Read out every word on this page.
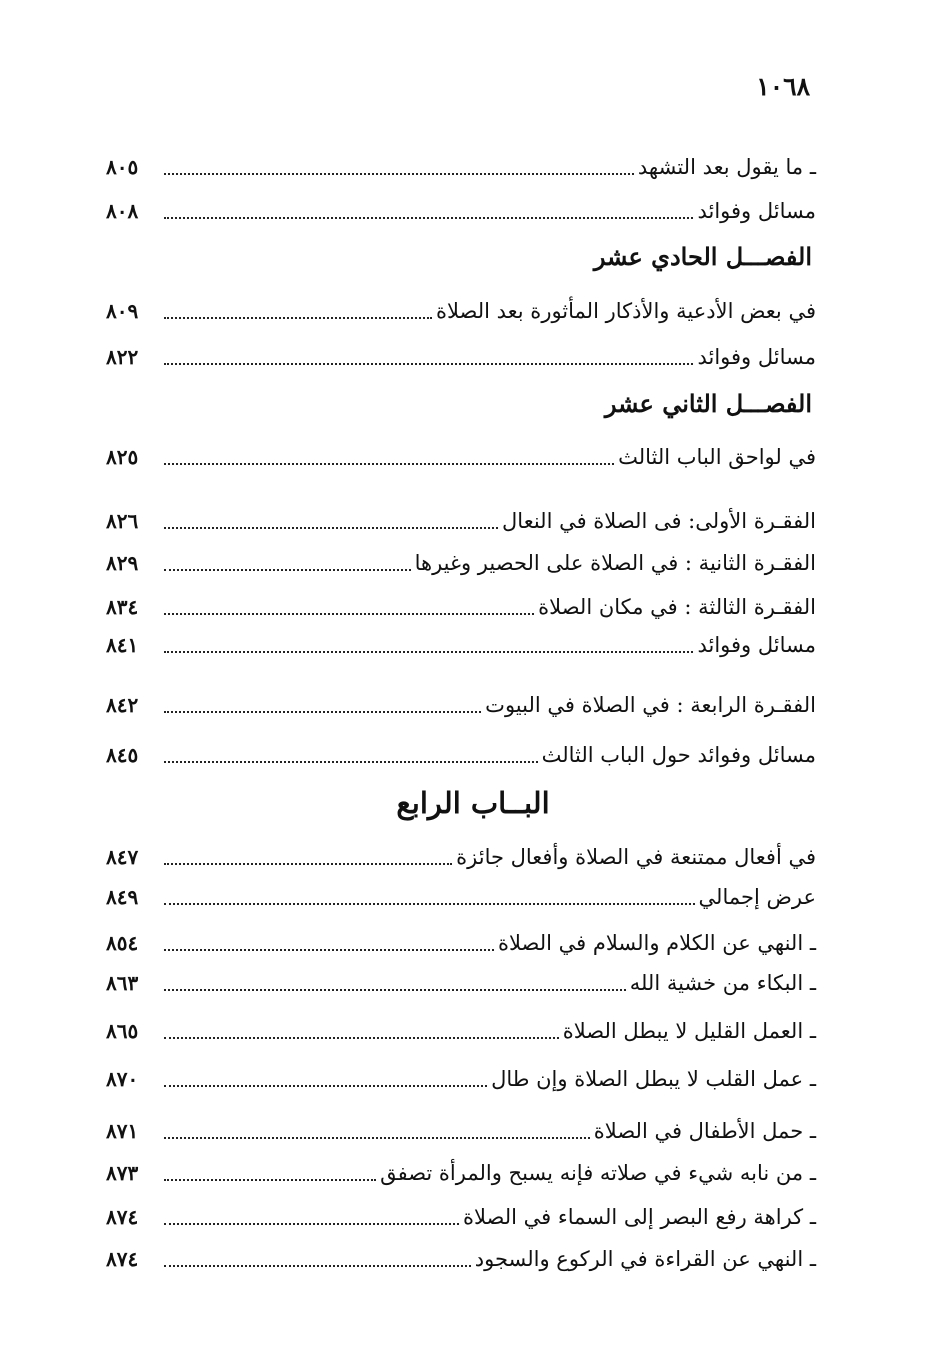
١٠٦٨
ـ ما يقول بعد التشهد
٨٠٥
مسائل وفوائد
٨٠٨
الفصـــل الحادي عشر
في بعض الأدعية والأذكار المأثورة بعد الصلاة
٨٠٩
مسائل وفوائد
٨٢٢
الفصـــل الثاني عشر
في لواحق الباب الثالث
٨٢٥
الفقـرة الأولى: فى الصلاة في النعال
٨٢٦
الفقـرة الثانية : في الصلاة على الحصير وغيرها
٨٢٩
الفقـرة الثالثة : في مكان الصلاة
٨٣٤
مسائل وفوائد
٨٤١
الفقـرة الرابعة : في الصلاة في البيوت
٨٤٢
مسائل وفوائد حول الباب الثالث
٨٤٥
البــاب الرابع
في أفعال ممتنعة في الصلاة وأفعال جائزة
٨٤٧
عرض إجمالي
٨٤٩
ـ النهي عن الكلام والسلام في الصلاة
٨٥٤
ـ البكاء من خشية الله
٨٦٣
ـ العمل القليل لا يبطل الصلاة
٨٦٥
ـ عمل القلب لا يبطل الصلاة وإن طال
٨٧٠
ـ حمل الأطفال في الصلاة
٨٧١
ـ من نابه شيء في صلاته فإنه يسبح والمرأة تصفق
٨٧٣
ـ كراهة رفع البصر إلى السماء في الصلاة
٨٧٤
ـ النهي عن القراءة في الركوع والسجود
٨٧٤
